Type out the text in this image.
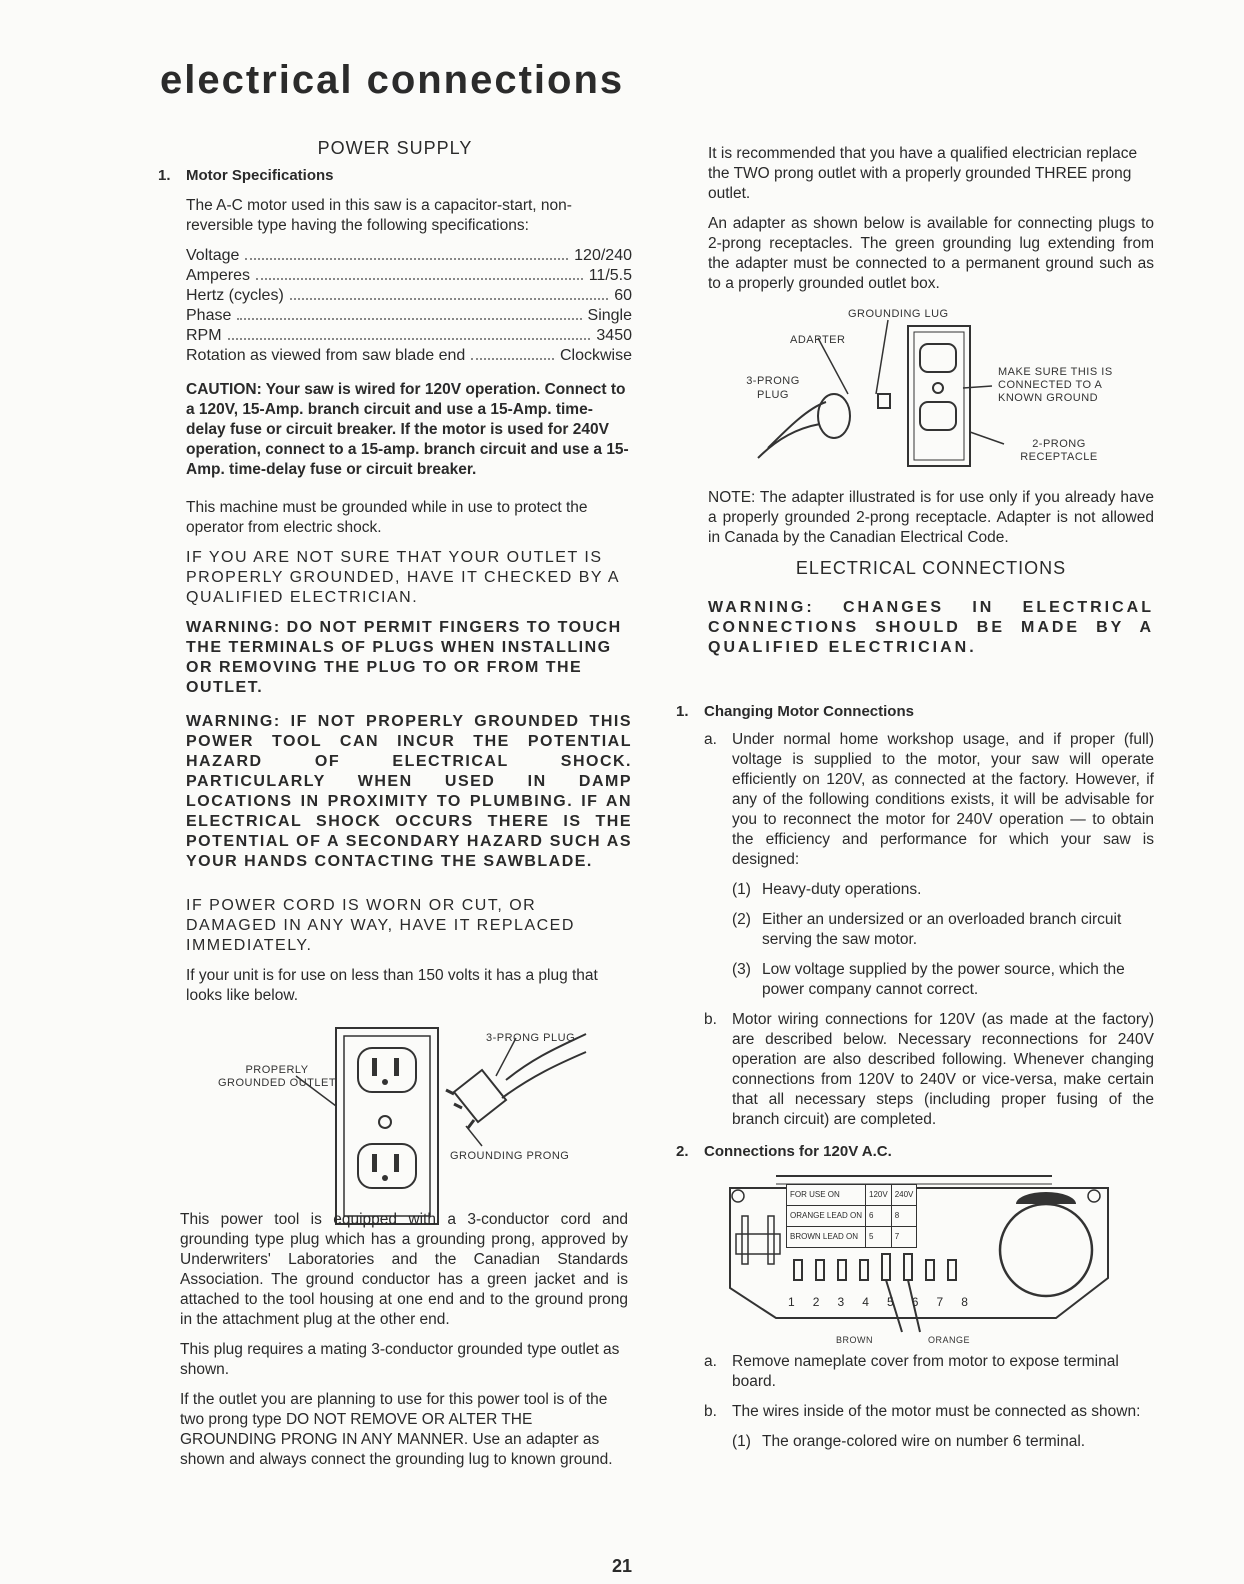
electrical connections
POWER SUPPLY
1.	Motor Specifications

The A-C motor used in this saw is a capacitor-start, non-reversible type having the following specifications:

Voltage	120/240
Amperes	11/5.5
Hertz (cycles)	60
Phase	Single
RPM	3450
Rotation as viewed from saw blade end	Clockwise

CAUTION: Your saw is wired for 120V operation. Connect to a 120V, 15-Amp. branch circuit and use a 15-Amp. time-delay fuse or circuit breaker. If the motor is used for 240V operation, connect to a 15-amp. branch circuit and use a 15-Amp. time-delay fuse or circuit breaker.

This machine must be grounded while in use to protect the operator from electric shock.

IF YOU ARE NOT SURE THAT YOUR OUTLET IS PROPERLY GROUNDED, HAVE IT CHECKED BY A QUALIFIED ELECTRICIAN.

WARNING: DO NOT PERMIT FINGERS TO TOUCH THE TERMINALS OF PLUGS WHEN INSTALLING OR REMOVING THE PLUG TO OR FROM THE OUTLET.

WARNING: IF NOT PROPERLY GROUNDED THIS POWER TOOL CAN INCUR THE POTENTIAL HAZARD OF ELECTRICAL SHOCK. PARTICULARLY WHEN USED IN DAMP LOCATIONS IN PROXIMITY TO PLUMBING. IF AN ELECTRICAL SHOCK OCCURS THERE IS THE POTENTIAL OF A SECONDARY HAZARD SUCH AS YOUR HANDS CONTACTING THE SAWBLADE.

IF POWER CORD IS WORN OR CUT, OR DAMAGED IN ANY WAY, HAVE IT REPLACED IMMEDIATELY.

If your unit is for use on less than 150 volts it has a plug that looks like below.

3-PRONG PLUG
PROPERLY GROUNDED OUTLET
GROUNDING PRONG

This power tool is equipped with a 3-conductor cord and grounding type plug which has a grounding prong, approved by Underwriters' Laboratories and the Canadian Standards Association. The ground conductor has a green jacket and is attached to the tool housing at one end and to the ground prong in the attachment plug at the other end.

This plug requires a mating 3-conductor grounded type outlet as shown.

If the outlet you are planning to use for this power tool is of the two prong type DO NOT REMOVE OR ALTER THE GROUNDING PRONG IN ANY MANNER. Use an adapter as shown and always connect the grounding lug to known ground.

It is recommended that you have a qualified electrician replace the TWO prong outlet with a properly grounded THREE prong outlet.

An adapter as shown below is available for connecting plugs to 2-prong receptacles. The green grounding lug extending from the adapter must be connected to a permanent ground such as to a properly grounded outlet box.

GROUNDING LUG
ADAPTER
3-PRONG PLUG
MAKE SURE THIS IS CONNECTED TO A KNOWN GROUND
2-PRONG RECEPTACLE

NOTE: The adapter illustrated is for use only if you already have a properly grounded 2-prong receptacle. Adapter is not allowed in Canada by the Canadian Electrical Code.

ELECTRICAL CONNECTIONS

WARNING: CHANGES IN ELECTRICAL CONNECTIONS SHOULD BE MADE BY A QUALIFIED ELECTRICIAN.

1.	Changing Motor Connections
a. Under normal home workshop usage, and if proper (full) voltage is supplied to the motor, your saw will operate efficiently on 120V, as connected at the factory. However, if any of the following conditions exists, it will be advisable for you to reconnect the motor for 240V operation — to obtain the efficiency and performance for which your saw is designed:

(1) Heavy-duty operations.
(2) Either an undersized or an overloaded branch circuit serving the saw motor.
(3) Low voltage supplied by the power source, which the power company cannot correct.
b. Motor wiring connections for 120V (as made at the factory) are described below. Necessary reconnections for 240V operation are also described following. Whenever changing connections from 120V to 240V or vice-versa, make certain that all necessary steps (including proper fusing of the branch circuit) are completed.

2.	Connections for 120V A.C.
FOR USE ON	120V	240V
ORANGE LEAD ON	6	8
BROWN LEAD ON	5	7
1 2 3 4 5 6 7 8
BROWN	ORANGE
a. Remove nameplate cover from motor to expose terminal board.
b. The wires inside of the motor must be connected as shown:
(1) The orange-colored wire on number 6 terminal.
21
